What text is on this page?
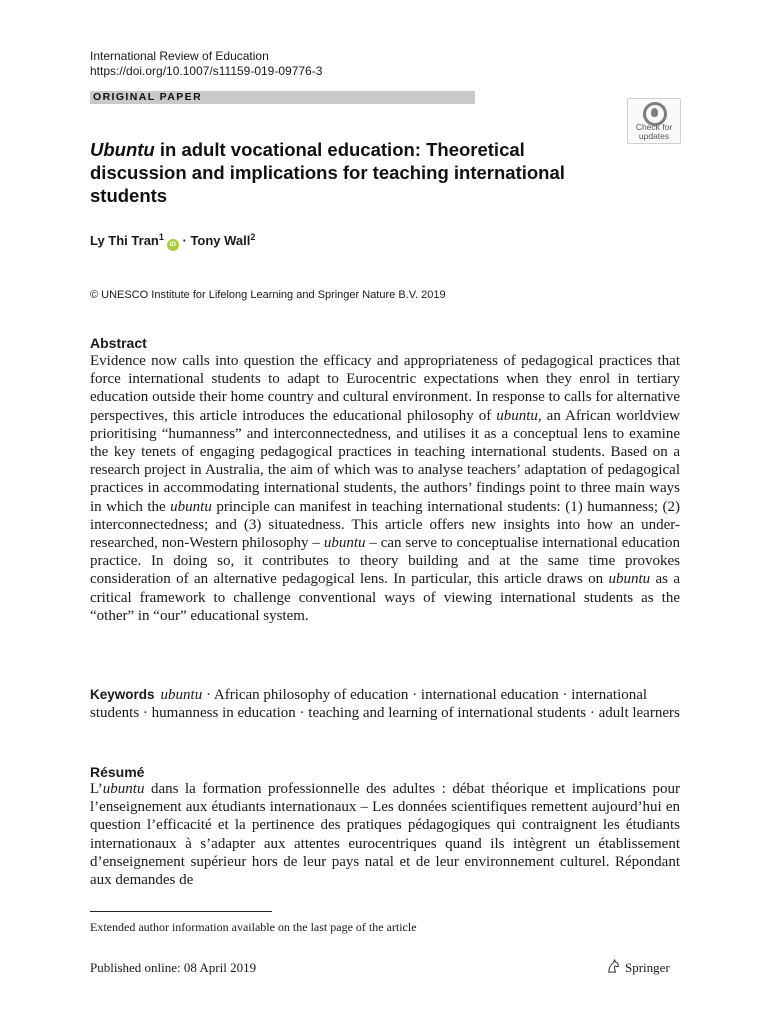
International Review of Education
https://doi.org/10.1007/s11159-019-09776-3
ORIGINAL PAPER
Check for
updates
Ubuntu in adult vocational education: Theoretical discussion and implications for teaching international students
Ly Thi Tran$^1$iD · Tony Wall$^2$
© UNESCO Institute for Lifelong Learning and Springer Nature B.V. 2019
Abstract

Evidence now calls into question the efficacy and appropriateness of pedagogical practices that force international students to adapt to Eurocentric expectations when they enrol in tertiary education outside their home country and cultural environment. In response to calls for alternative perspectives, this article introduces the educational philosophy of ubuntu, an African worldview prioritising “humanness” and interconnectedness, and utilises it as a conceptual lens to examine the key tenets of engaging pedagogical practices in teaching international students. Based on a research project in Australia, the aim of which was to analyse teachers’ adaptation of pedagogical practices in accommodating international students, the authors’ findings point to three main ways in which the ubuntu principle can manifest in teaching international students: (1) humanness; (2) interconnectedness; and (3) situatedness. This article offers new insights into how an under-researched, non-Western philosophy – ubuntu – can serve to conceptualise international education practice. In doing so, it contributes to theory building and at the same time provokes consideration of an alternative pedagogical lens. In particular, this article draws on ubuntu as a critical framework to challenge conventional ways of viewing international students as the “other” in “our” educational system.

Keywords ubuntu · African philosophy of education · international education · international students · humanness in education · teaching and learning of international students · adult learners

Résumé

L’ubuntu dans la formation professionnelle des adultes : débat théorique et implications pour l’enseignement aux étudiants internationaux – Les données scientifiques remettent aujourd’hui en question l’efficacité et la pertinence des pratiques pédagogiques qui contraignent les étudiants internationaux à s’adapter aux attentes eurocentriques quand ils intègrent un établissement d’enseignement supérieur hors de leur pays natal et de leur environnement culturel. Répondant aux demandes de

Extended author information available on the last page of the article
Published online: 08 April 2019	Springer
